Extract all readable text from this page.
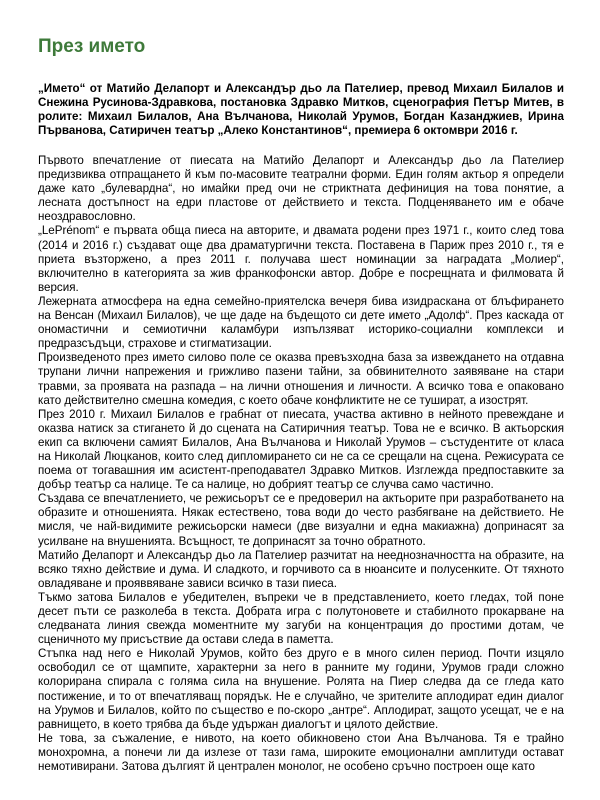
През името

„Името“ от Матийо Делапорт и Александър дьо ла Пателиер, превод Михаил Билалов и Снежина Русинова-Здравкова, постановка Здравко Митков, сценография Петър Митев, в ролите: Михаил Билалов, Ана Вълчанова, Николай Урумов, Богдан Казанджиев, Ирина Първанова, Сатиричен театър „Алеко Константинов“, премиера 6 октомври 2016 г.

Първото впечатление от пиесата на Матийо Делапорт и Александър дьо ла Пателиер предизвиква отпращането й към по-масовите театрални форми. Един голям актьор я определи даже като „булевардна“, но имайки пред очи не стриктната дефиниция на това понятие, а лесната достъпност на едри пластове от действието и текста. Подценяването им е обаче неоздравословно.

„LePrénom“ е първата обща пиеса на авторите, и двамата родени през 1971 г., които след това (2014 и 2016 г.) създават още два драматургични текста. Поставена в Париж през 2010 г., тя е приета възторжено, а през 2011 г. получава шест номинации за наградата „Молиер“, включително в категорията за жив франкофонски автор. Добре е посрещната и филмовата й версия.

Лежерната атмосфера на една семейно-приятелска вечеря бива изидраскана от блъфирането на Венсан (Михаил Билалов), че ще даде на бъдещото си дете името „Адолф“. През каскада от ономастични и семиотични каламбури изпълзяват историко-социални комплекси и предразсъдъци, страхове и стигматизации.

Произведеното през името силово поле се оказва превъзходна база за извеждането на отдавна трупани лични напрежения и грижливо пазени тайни, за обвинителното заявяване на стари травми, за проявата на разпада – на лични отношения и личности. А всичко това е опаковано като действително смешна комедия, с което обаче конфликтите не се тушират, а изострят.

През 2010 г. Михаил Билалов е грабнат от пиесата, участва активно в нейното превеждане и оказва натиск за стигането й до сцената на Сатиричния театър. Това не е всичко. В актьорския екип са включени самият Билалов, Ана Вълчанова и Николай Урумов – състудентите от класа на Николай Люцканов, които след дипломирането си не са се срещали на сцена. Режисурата се поема от тогавашния им асистент-преподавател Здравко Митков. Изглежда предпоставките за добър театър са налице. Те са налице, но добрият театър се случва само частично.

Създава се впечатлението, че режисьорът се е предоверил на актьорите при разработването на образите и отношенията. Някак естествено, това води до често разбягване на действието. Не мисля, че най-видимите режисьорски намеси (две визуални и една макиажна) допринасят за усилване на внушенията. Всъщност, те допринасят за точно обратното.

Матийо Делапорт и Александър дьо ла Пателиер разчитат на нееднозначността на образите, на всяко тяхно действие и дума. И сладкото, и горчивото са в нюансите и полусенките. От тяхното овладяване и прояввяване зависи всичко в тази пиеса.

Тъкмо затова Билалов е убедителен, въпреки че в представлението, което гледах, той поне десет пъти се разколеба в текста. Добрата игра с полутоновете и стабилното прокарване на следваната линия свежда моментните му загуби на концентрация до простими дотам, че сценичното му присъствие да остави следа в паметта.

Стъпка над него е Николай Урумов, който без друго е в много силен период. Почти изцяло освободил се от щампите, характерни за него в ранните му години, Урумов гради сложно колорирана спирала с голяма сила на внушение. Ролята на Пиер следва да се гледа като постижение, и то от впечатляващ порядък. Не е случайно, че зрителите аплодират един диалог на Урумов и Билалов, който по същество е по-скоро „антре“. Аплодират, защото усещат, че е на равнището, в което трябва да бъде удържан диалогът и цялото действие.

Не това, за съжаление, е нивото, на което обикновено стои Ана Вълчанова. Тя е трайно монохромна, а понечи ли да излезе от тази гама, широките емоционални амплитуди остават немотивирани. Затова дългият й централен монолог, не особено сръчно построен още като
